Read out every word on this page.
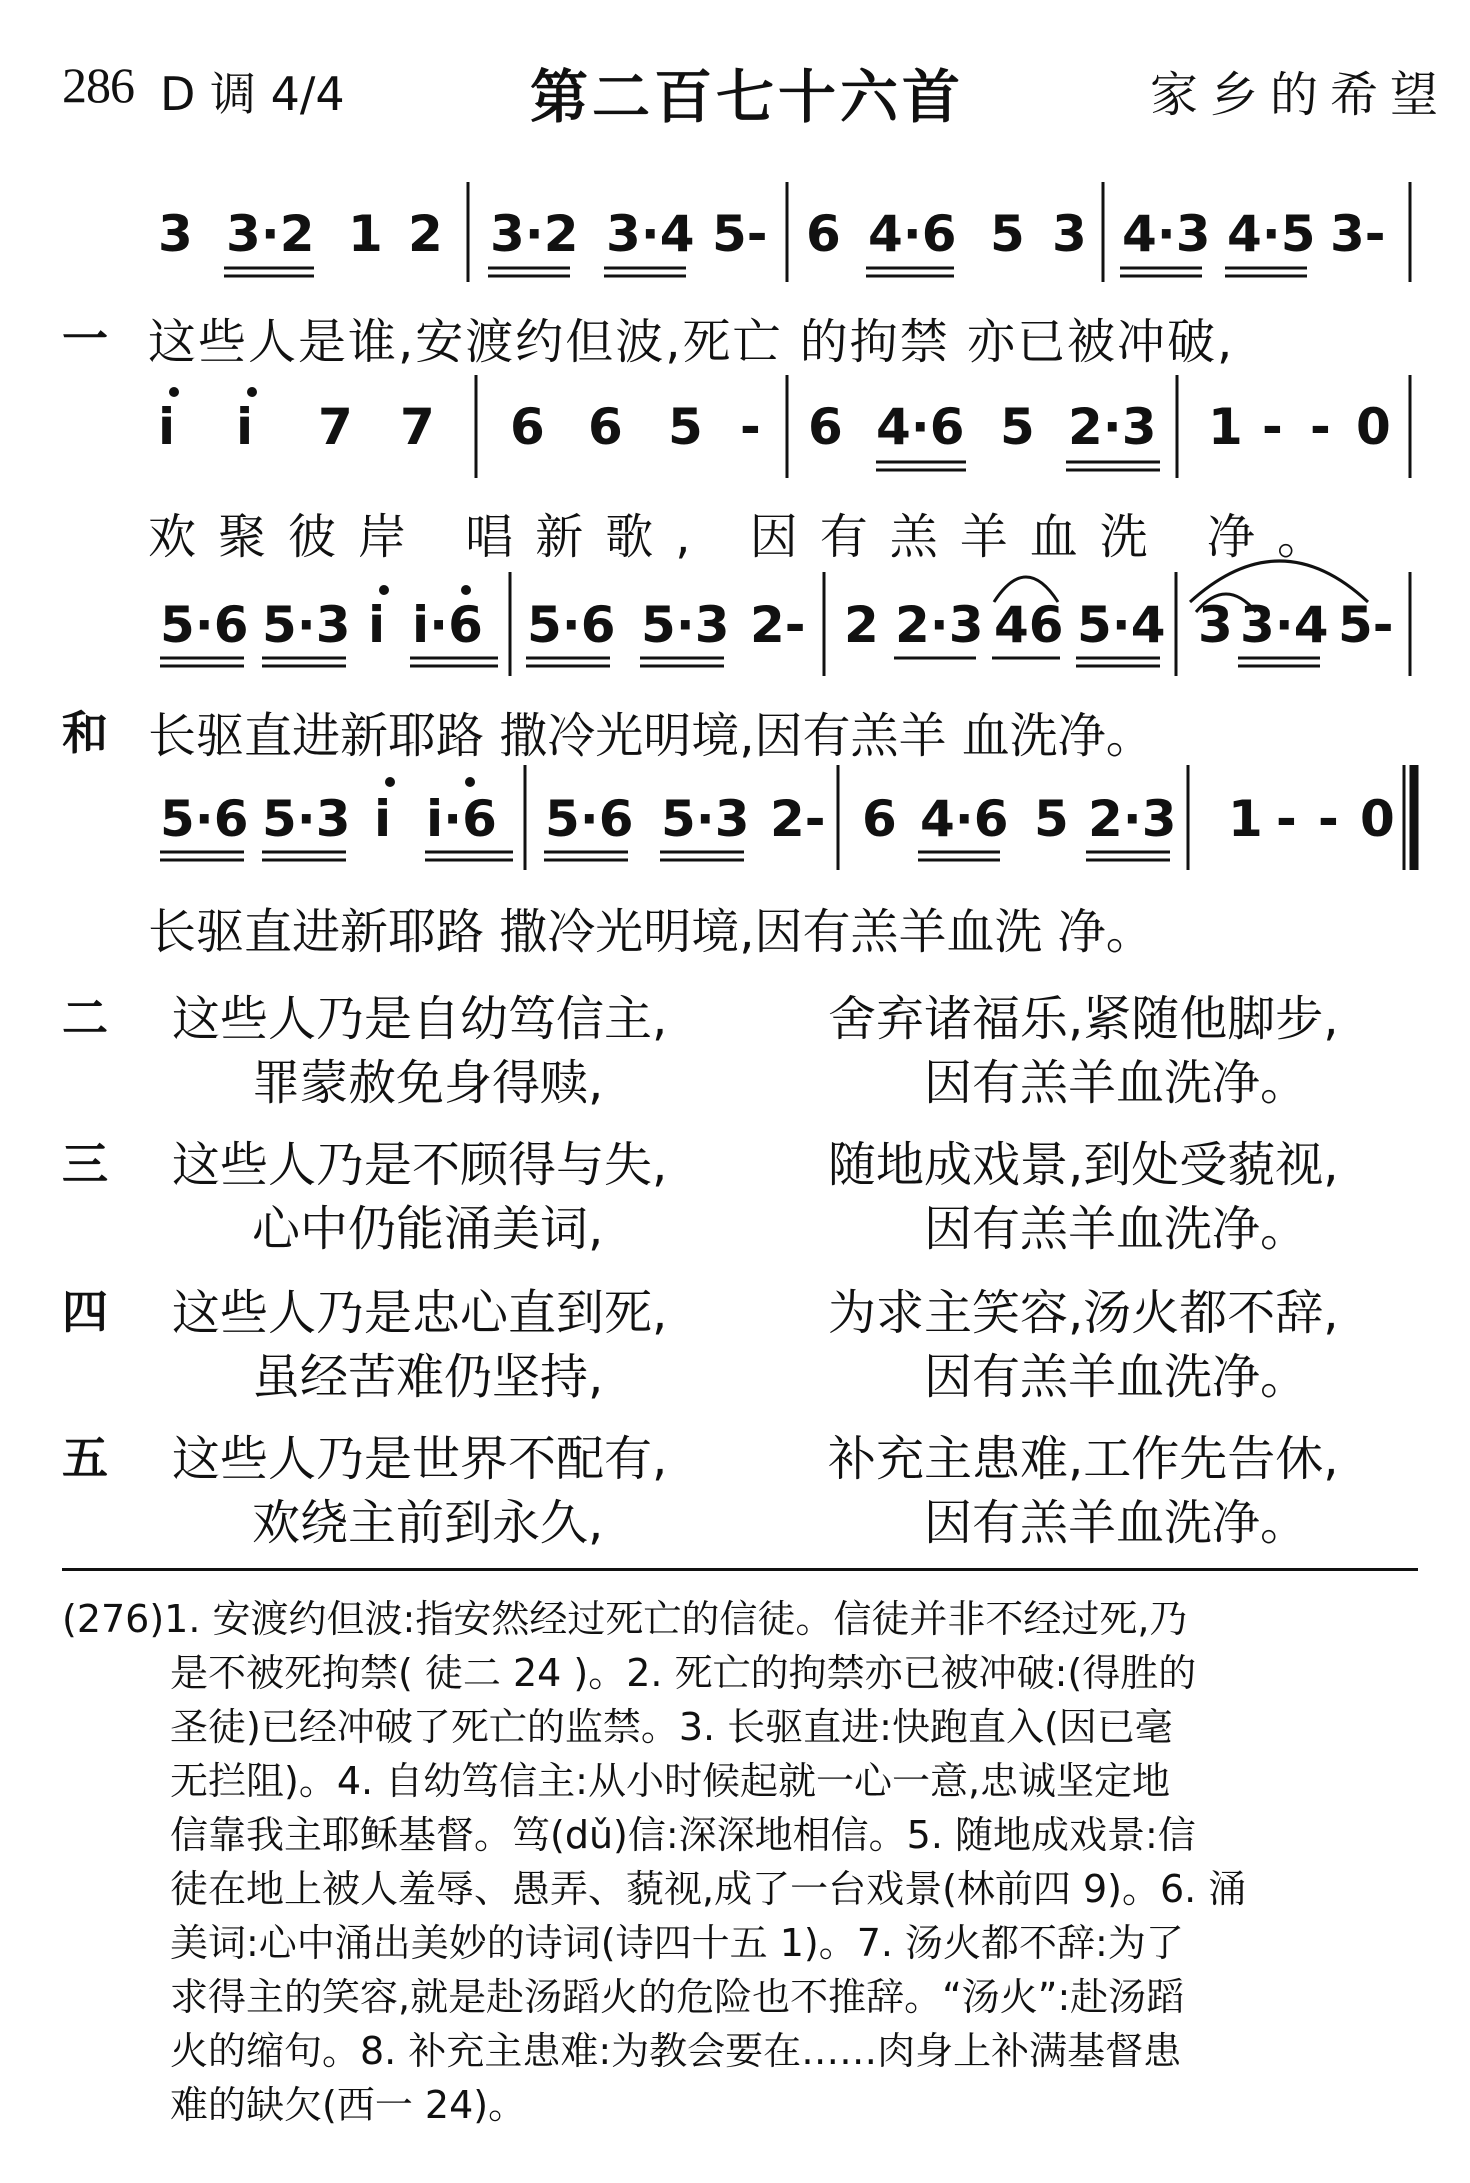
286 D 调 4/4	第二百七十六首	家乡的希望
3 3·2 1 2 3·2 3·4 5- 6 4·6 5 3 4·3 4·5 3-
一 这些人是谁,安渡约但波,死亡 的拘禁 亦已被冲破,
i i 7 7 6 6 5 - 6 4·6 5 2·3 1 - - 0
欢聚彼岸 唱新歌, 因有羔羊血洗 净。
5·6 5·3 i i·6 5·6 5·3 2- 2 2·3 46 5·4 3 3·4 5-
和 长驱直进新耶路 撒冷光明境,因有羔羊 血洗净。
5·6 5·3 i i·6 5·6 5·3 2- 6 4·6 5 2·3 1 - - 0
长驱直进新耶路 撒冷光明境,因有羔羊血洗 净。
二 这些人乃是自幼笃信主,	舍弃诸福乐,紧随他脚步,
罪蒙赦免身得赎,	因有羔羊血洗净。
三 这些人乃是不顾得与失,	随地成戏景,到处受藐视,
心中仍能涌美词,	因有羔羊血洗净。
四 这些人乃是忠心直到死,	为求主笑容,汤火都不辞,
虽经苦难仍坚持,	因有羔羊血洗净。
五 这些人乃是世界不配有,	补充主患难,工作先告休,
欢绕主前到永久,	因有羔羊血洗净。
(276)1. 安渡约但波:指安然经过死亡的信徒。信徒并非不经过死,乃
是不被死拘禁( 徒二 24 )。2. 死亡的拘禁亦已被冲破:(得胜的
圣徒)已经冲破了死亡的监禁。3. 长驱直进:快跑直入(因已毫
无拦阻)。4. 自幼笃信主:从小时候起就一心一意,忠诚坚定地
信靠我主耶稣基督。笃(dǔ)信:深深地相信。5. 随地成戏景:信
徒在地上被人羞辱、愚弄、藐视,成了一台戏景(林前四 9)。6. 涌
美词:心中涌出美妙的诗词(诗四十五 1)。7. 汤火都不辞:为了
求得主的笑容,就是赴汤蹈火的危险也不推辞。“汤火”:赴汤蹈
火的缩句。8. 补充主患难:为教会要在……肉身上补满基督患
难的缺欠(西一 24)。
